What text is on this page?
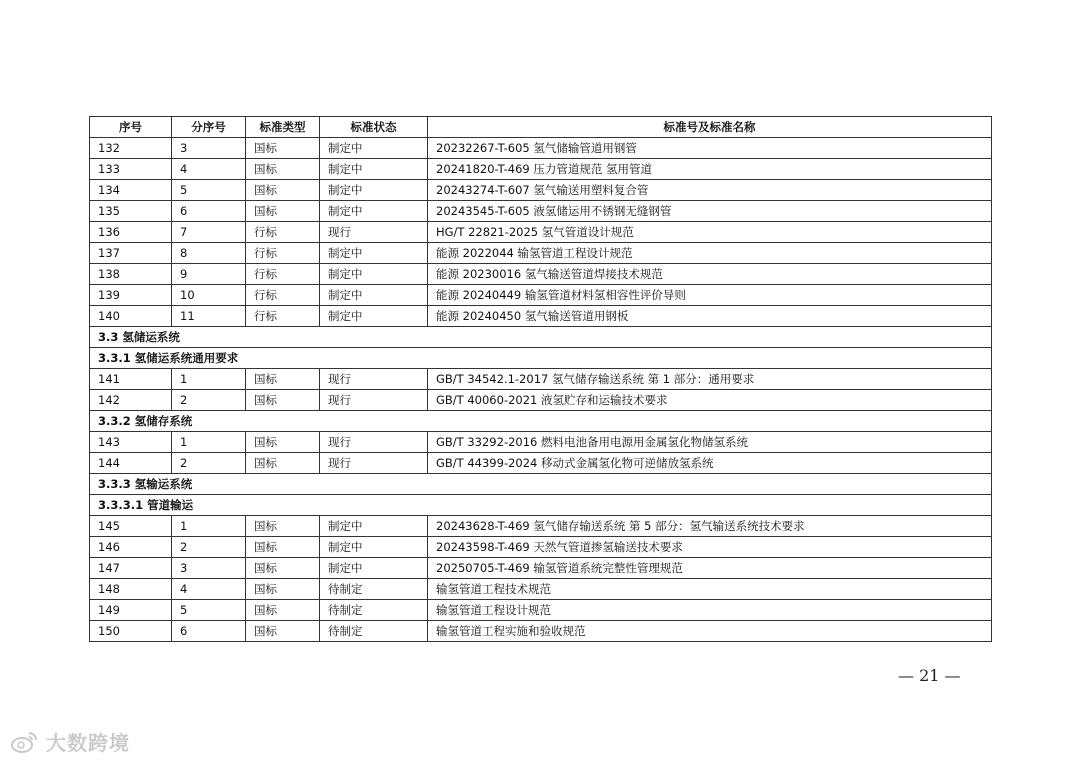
序号	分序号	标准类型	标准状态	标准号及标准名称
132	3	国标	制定中	20232267-T-605 氢气储输管道用钢管
133	4	国标	制定中	20241820-T-469 压力管道规范 氢用管道
134	5	国标	制定中	20243274-T-607 氢气输送用塑料复合管
135	6	国标	制定中	20243545-T-605 液氢储运用不锈钢无缝钢管
136	7	行标	现行	HG/T 22821-2025 氢气管道设计规范
137	8	行标	制定中	能源 2022044 输氢管道工程设计规范
138	9	行标	制定中	能源 20230016 氢气输送管道焊接技术规范
139	10	行标	制定中	能源 20240449 输氢管道材料氢相容性评价导则
140	11	行标	制定中	能源 20240450 氢气输送管道用钢板
3.3 氢储运系统				
3.3.1 氢储运系统通用要求				
141	1	国标	现行	GB/T 34542.1-2017 氢气储存输送系统 第 1 部分：通用要求
142	2	国标	现行	GB/T 40060-2021 液氢贮存和运输技术要求
3.3.2 氢储存系统				
143	1	国标	现行	GB/T 33292-2016 燃料电池备用电源用金属氢化物储氢系统
144	2	国标	现行	GB/T 44399-2024 移动式金属氢化物可逆储放氢系统
3.3.3 氢输运系统				
3.3.3.1 管道输运				
145	1	国标	制定中	20243628-T-469 氢气储存输送系统 第 5 部分：氢气输送系统技术要求
146	2	国标	制定中	20243598-T-469 天然气管道掺氢输送技术要求
147	3	国标	制定中	20250705-T-469 输氢管道系统完整性管理规范
148	4	国标	待制定	输氢管道工程技术规范
149	5	国标	待制定	输氢管道工程设计规范
150	6	国标	待制定	输氢管道工程实施和验收规范
— 21 —
大数跨境
